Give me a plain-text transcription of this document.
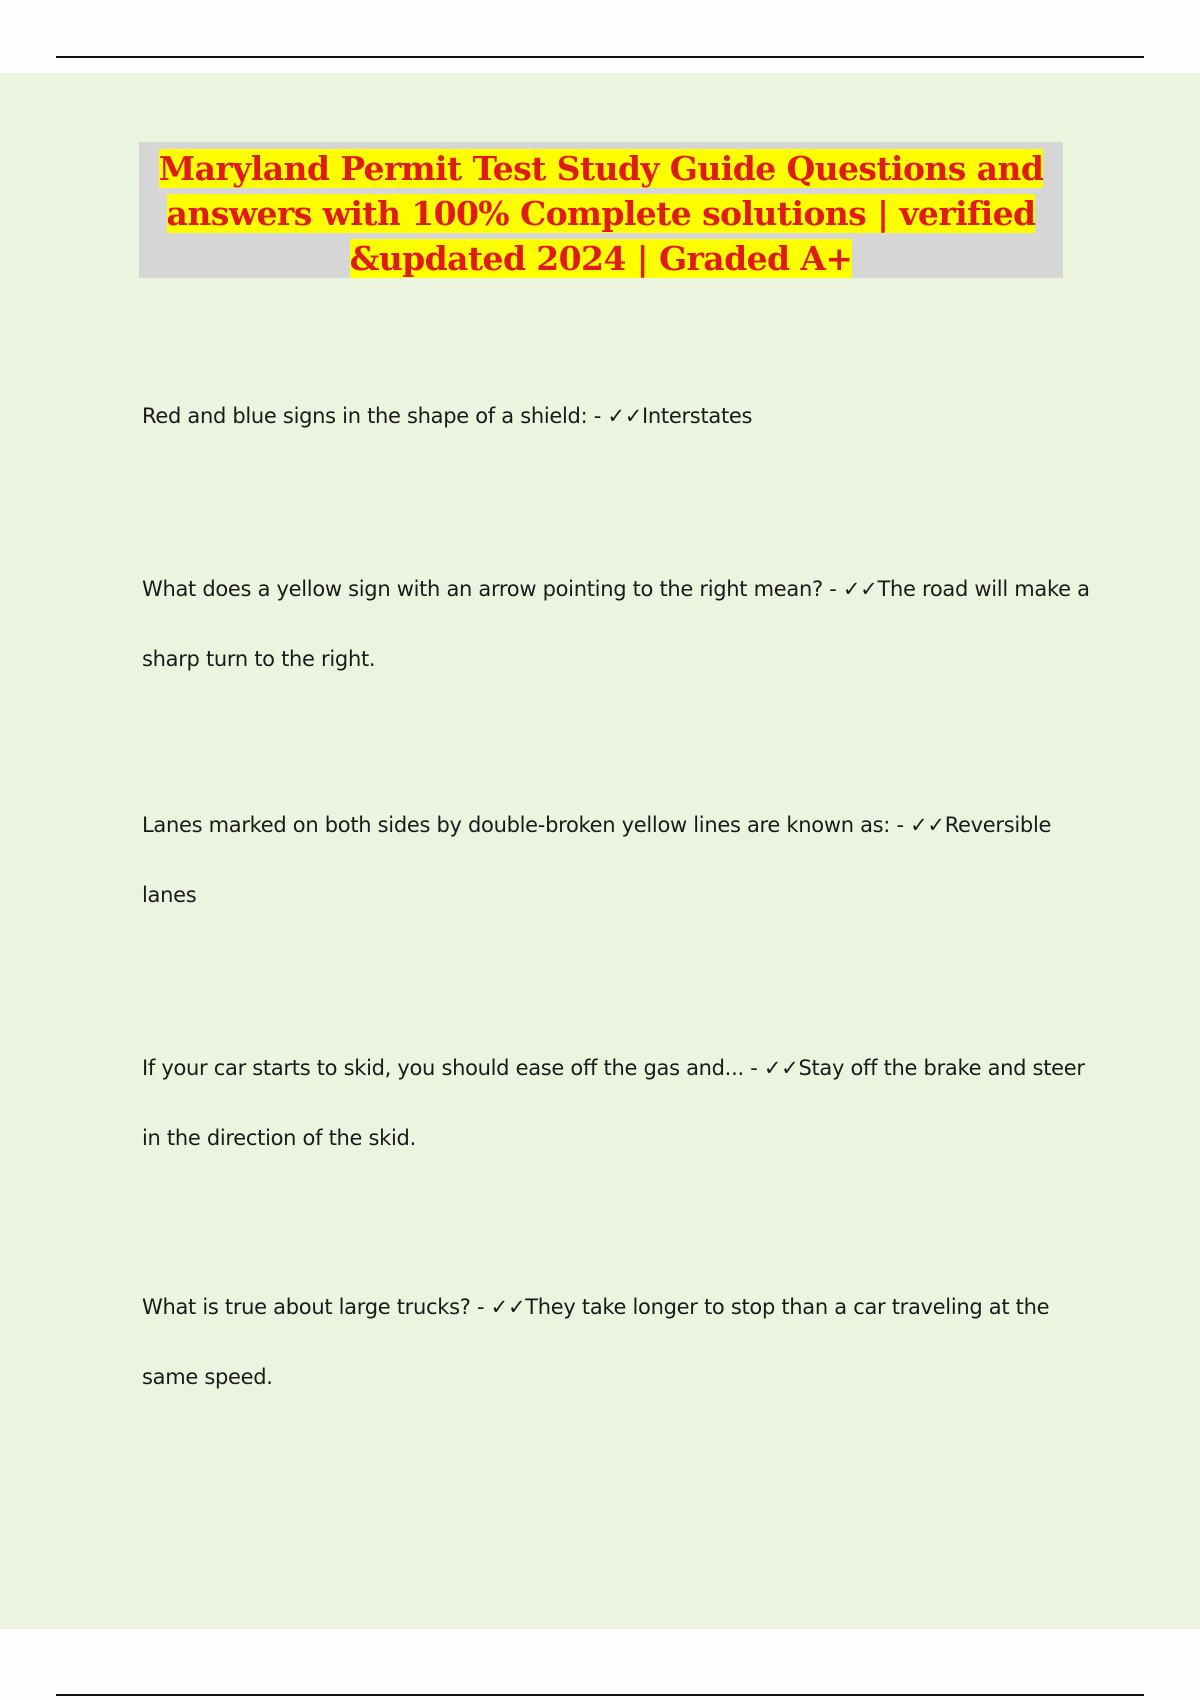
Maryland Permit Test Study Guide Questions and
answers with 100% Complete solutions | verified
&updated 2024 | Graded A+
Red and blue signs in the shape of a shield: - ✓✓Interstates
What does a yellow sign with an arrow pointing to the right mean? - ✓✓The road will make a sharp turn to the right.
Lanes marked on both sides by double-broken yellow lines are known as: - ✓✓Reversible lanes
If your car starts to skid, you should ease off the gas and... - ✓✓Stay off the brake and steer in the direction of the skid.
What is true about large trucks? - ✓✓They take longer to stop than a car traveling at the same speed.
